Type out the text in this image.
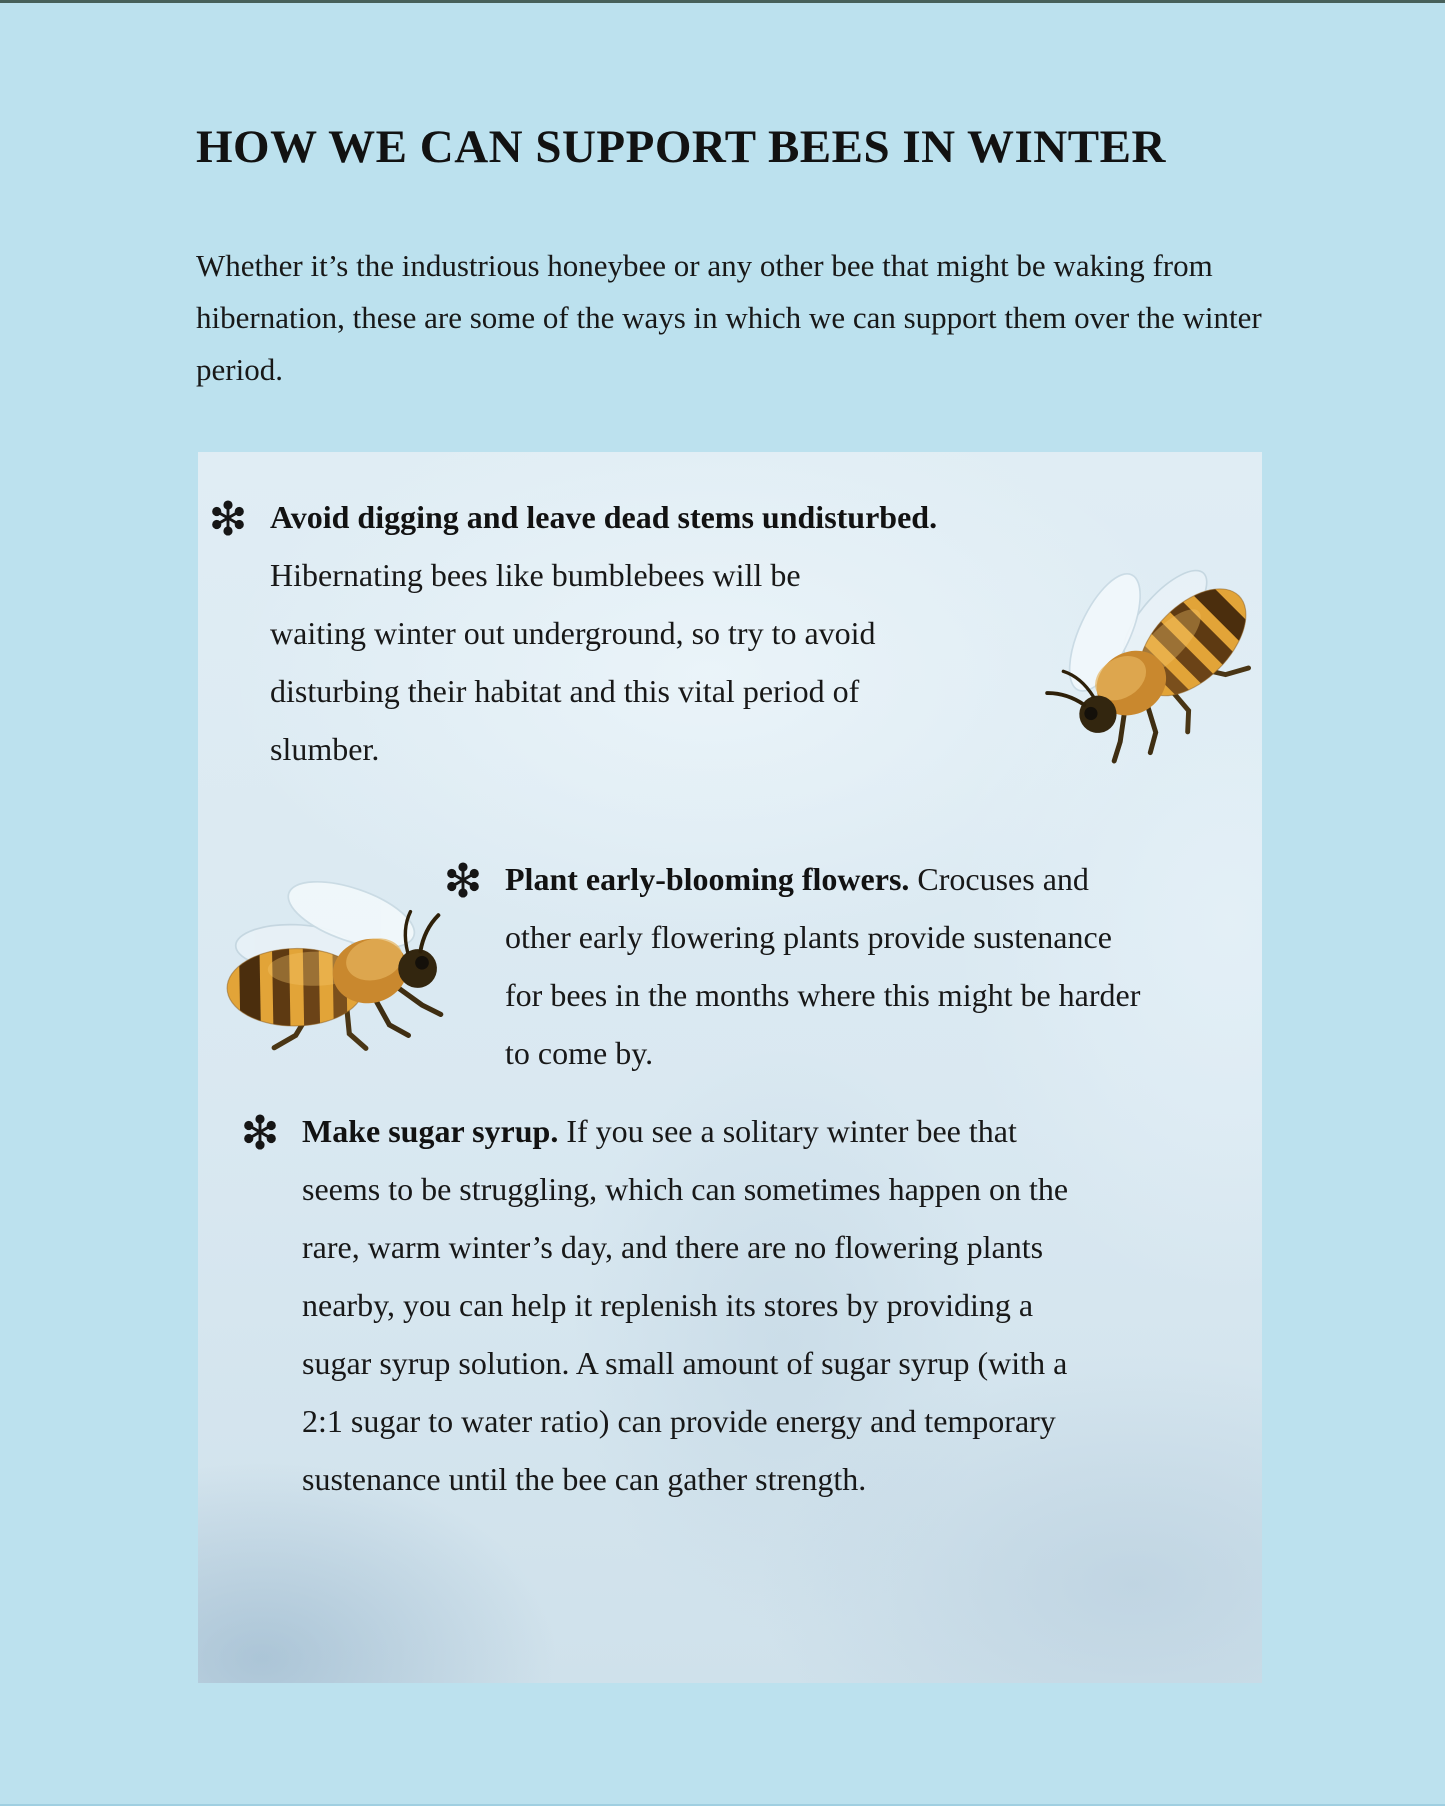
HOW WE CAN SUPPORT BEES IN WINTER

Whether it’s the industrious honeybee or any other bee that might be waking from hibernation, these are some of the ways in which we can support them over the winter period.

Avoid digging and leave dead stems undisturbed.
Hibernating bees like bumblebees will be waiting winter out underground, so try to avoid disturbing their habitat and this vital period of slumber.
Plant early-blooming flowers. Crocuses and other early flowering plants provide sustenance for bees in the months where this might be harder to come by.
Make sugar syrup. If you see a solitary winter bee that seems to be struggling, which can sometimes happen on the rare, warm winter’s day, and there are no flowering plants nearby, you can help it replenish its stores by providing a sugar syrup solution. A small amount of sugar syrup (with a 2:1 sugar to water ratio) can provide energy and temporary sustenance until the bee can gather strength.
